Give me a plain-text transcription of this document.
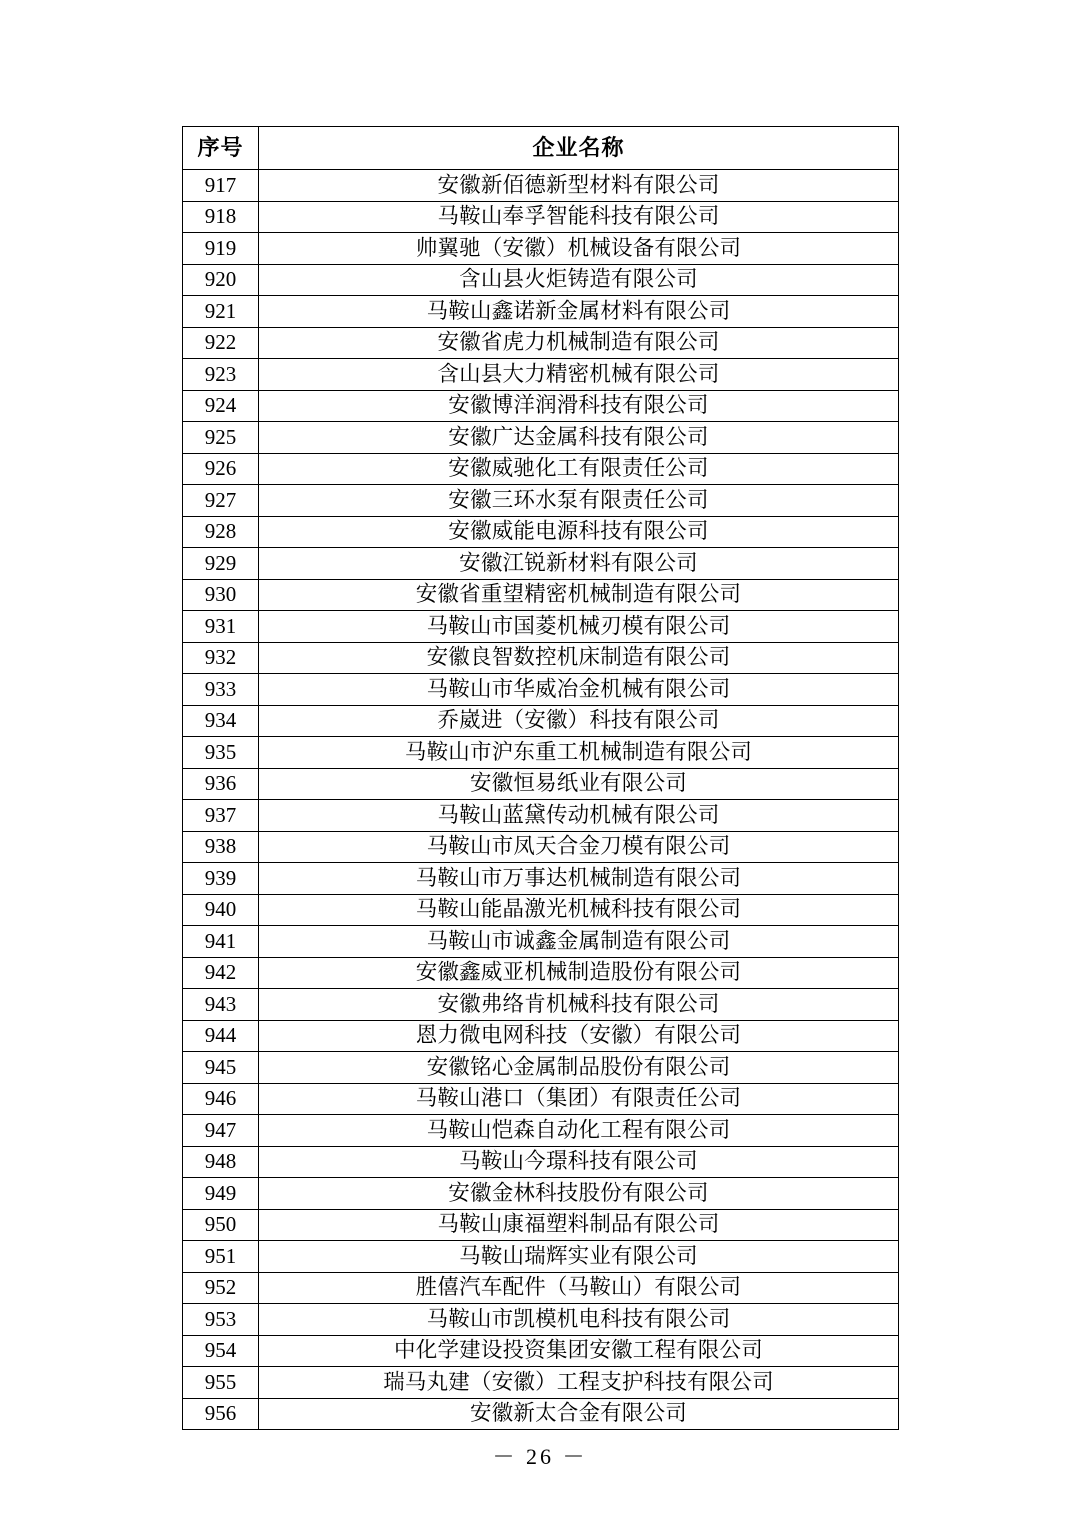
序号	企业名称
917	安徽新佰德新型材料有限公司
918	马鞍山奉孚智能科技有限公司
919	帅翼驰（安徽）机械设备有限公司
920	含山县火炬铸造有限公司
921	马鞍山鑫诺新金属材料有限公司
922	安徽省虎力机械制造有限公司
923	含山县大力精密机械有限公司
924	安徽博洋润滑科技有限公司
925	安徽广达金属科技有限公司
926	安徽威驰化工有限责任公司
927	安徽三环水泵有限责任公司
928	安徽威能电源科技有限公司
929	安徽江锐新材料有限公司
930	安徽省重望精密机械制造有限公司
931	马鞍山市国菱机械刃模有限公司
932	安徽良智数控机床制造有限公司
933	马鞍山市华威冶金机械有限公司
934	乔崴进（安徽）科技有限公司
935	马鞍山市沪东重工机械制造有限公司
936	安徽恒易纸业有限公司
937	马鞍山蓝黛传动机械有限公司
938	马鞍山市凤天合金刀模有限公司
939	马鞍山市万事达机械制造有限公司
940	马鞍山能晶激光机械科技有限公司
941	马鞍山市诚鑫金属制造有限公司
942	安徽鑫威亚机械制造股份有限公司
943	安徽弗络肯机械科技有限公司
944	恩力微电网科技（安徽）有限公司
945	安徽铭心金属制品股份有限公司
946	马鞍山港口（集团）有限责任公司
947	马鞍山恺森自动化工程有限公司
948	马鞍山今璟科技有限公司
949	安徽金林科技股份有限公司
950	马鞍山康福塑料制品有限公司
951	马鞍山瑞辉实业有限公司
952	胜僖汽车配件（马鞍山）有限公司
953	马鞍山市凯模机电科技有限公司
954	中化学建设投资集团安徽工程有限公司
955	瑞马丸建（安徽）工程支护科技有限公司
956	安徽新太合金有限公司
－ 26 －
